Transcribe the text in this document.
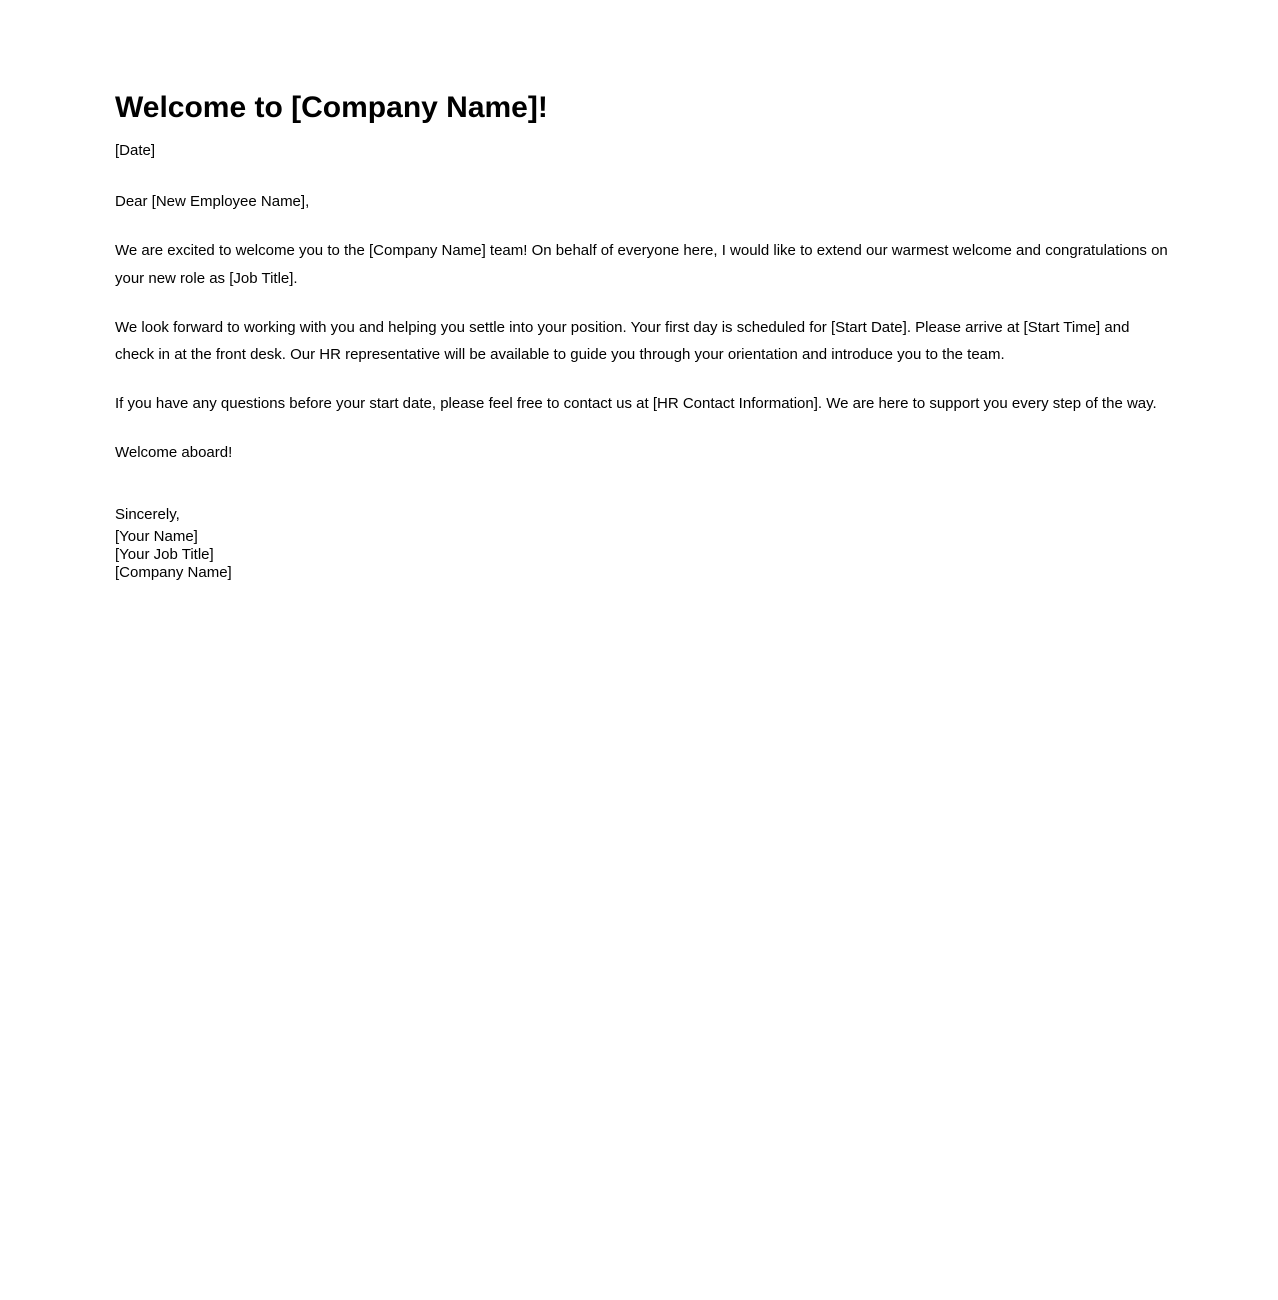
Welcome to [Company Name]!

[Date]

Dear [New Employee Name],

We are excited to welcome you to the [Company Name] team! On behalf of everyone here, I would like to extend our warmest welcome and congratulations on your new role as [Job Title].

We look forward to working with you and helping you settle into your position. Your first day is scheduled for [Start Date]. Please arrive at [Start Time] and check in at the front desk. Our HR representative will be available to guide you through your orientation and introduce you to the team.

If you have any questions before your start date, please feel free to contact us at [HR Contact Information]. We are here to support you every step of the way.

Welcome aboard!

Sincerely,

[Your Name]

[Your Job Title]

[Company Name]
